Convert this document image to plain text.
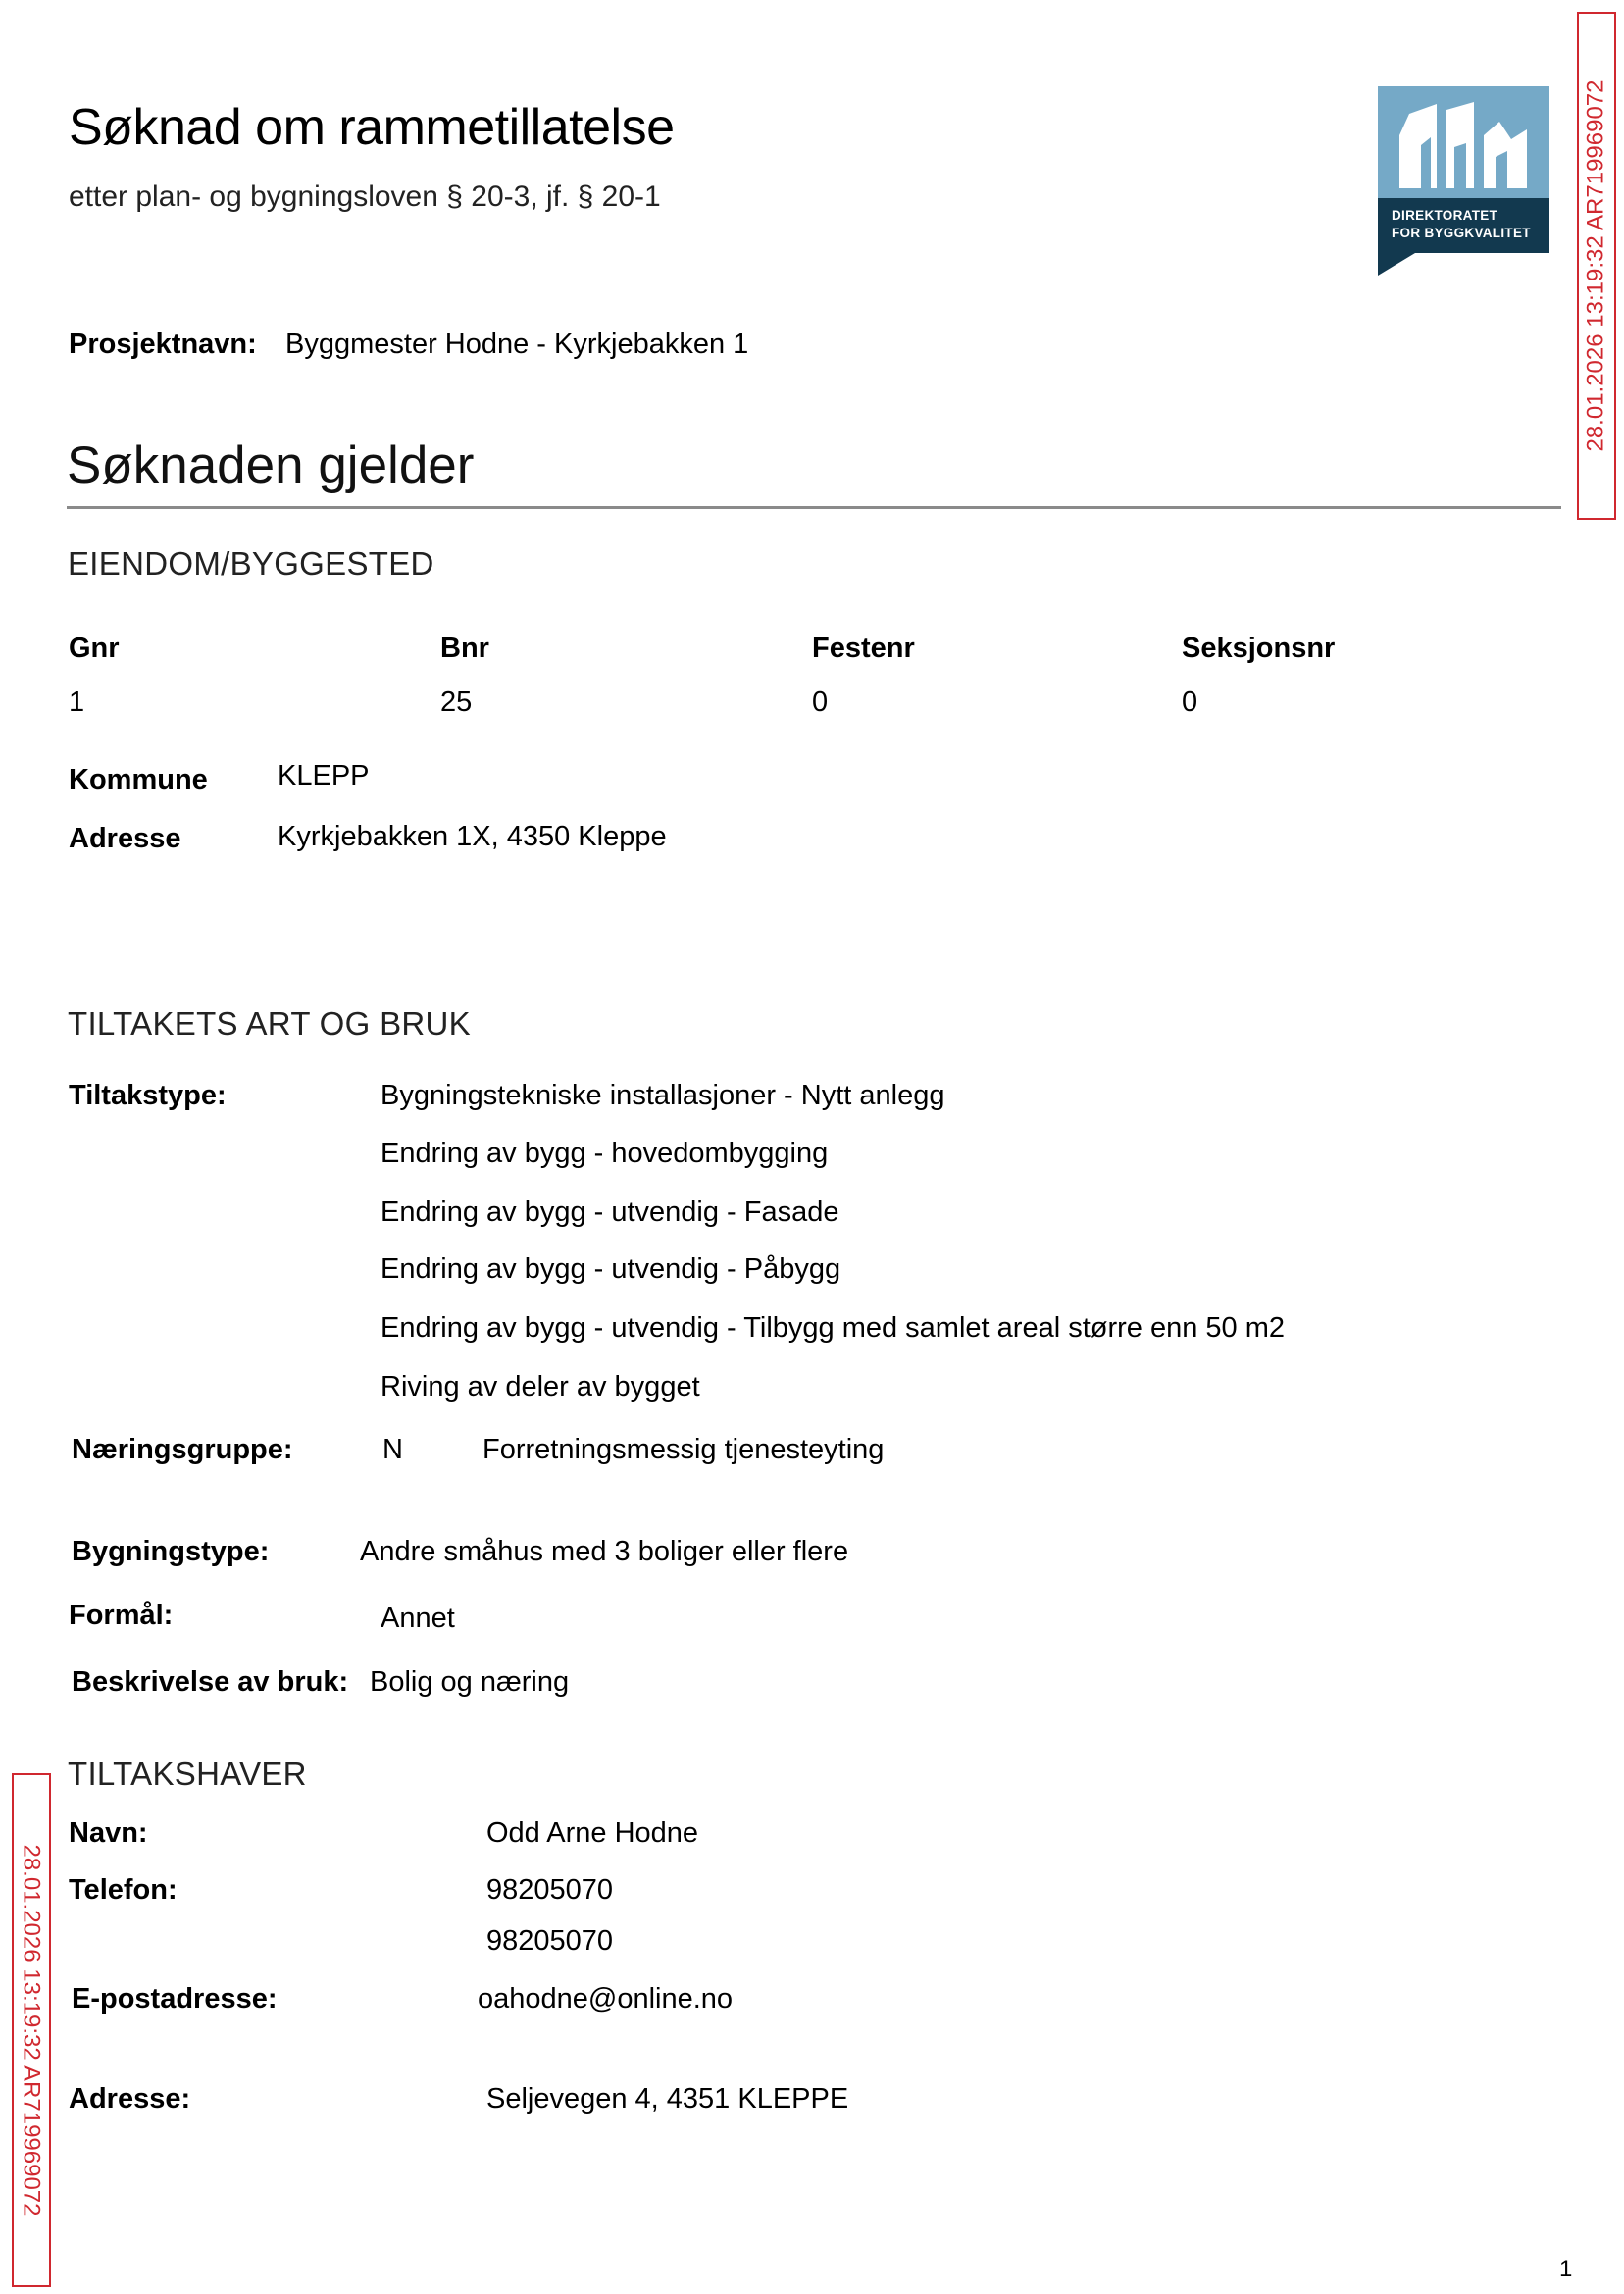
Søknad om rammetillatelse
etter plan- og bygningsloven § 20-3, jf. § 20-1
DIREKTORATET
FOR BYGGKVALITET 28.01.2026 13:19:32 AR719969072
28.01.2026 13:19:32 AR719969072
Prosjektnavn: Byggmester Hodne - Kyrkjebakken 1
Søknaden gjelder
EIENDOM/BYGGESTED
Gnr	Bnr	Festenr	Seksjonsnr
1	25	0	0
Kommune KLEPP
Adresse	Kyrkjebakken 1X, 4350 Kleppe
TILTAKETS ART OG BRUK
Tiltakstype:	Bygningstekniske installasjoner - Nytt anlegg
Endring av bygg - hovedombygging
Endring av bygg - utvendig - Fasade
Endring av bygg - utvendig - Påbygg
Endring av bygg - utvendig - Tilbygg med samlet areal større enn 50 m2
Riving av deler av bygget
Næringsgruppe:	N	Forretningsmessig tjenesteyting
Bygningstype:	Andre småhus med 3 boliger eller flere
Formål:	Annet
Beskrivelse av bruk: Bolig og næring
TILTAKSHAVER
Navn:	Odd Arne Hodne
Telefon:	98205070
98205070
E-postadresse:	oahodne@online.no
Adresse:	Seljevegen 4, 4351 KLEPPE
1
